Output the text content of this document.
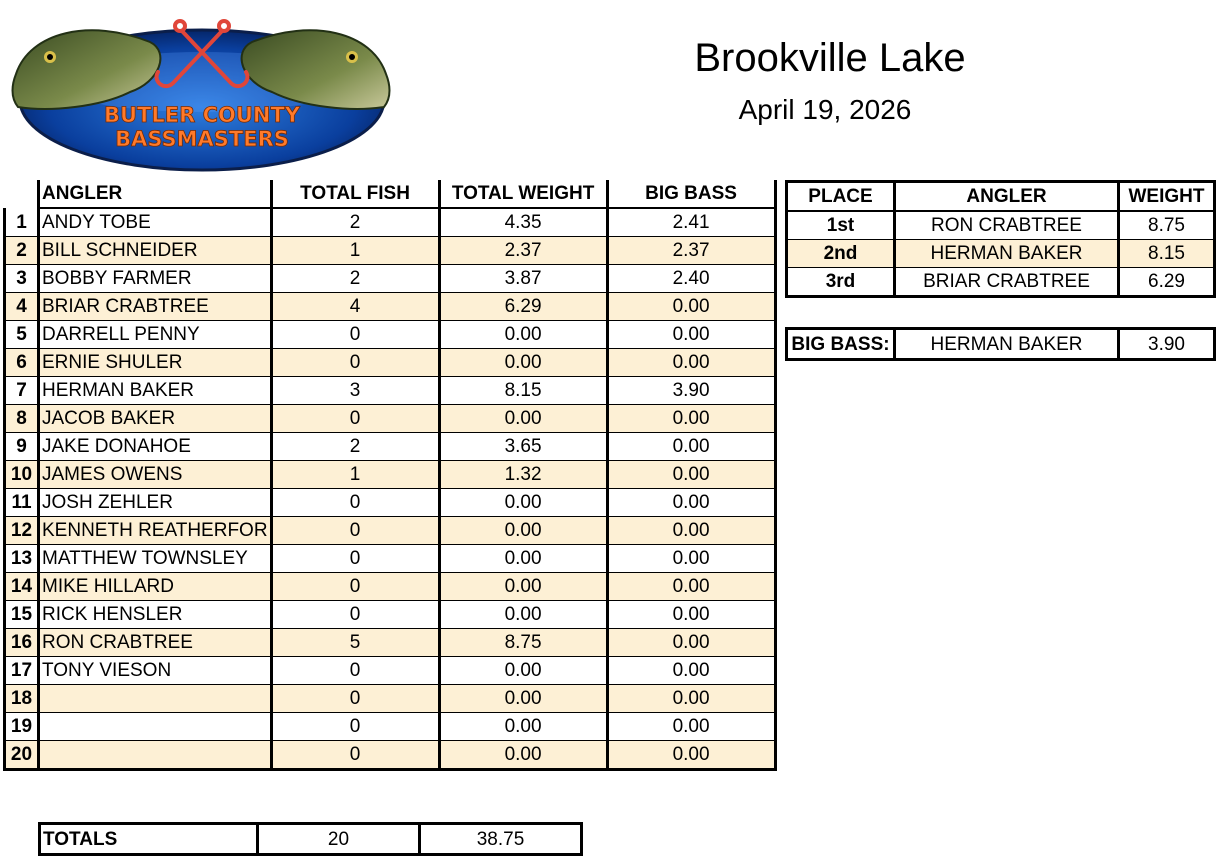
BUTLER COUNTY
BASSMASTERS
Brookville Lake
April 19, 2026
	ANGLER	TOTAL FISH	TOTAL WEIGHT	BIG BASS
1	ANDY TOBE	2	4.35	2.41
2	BILL SCHNEIDER	1	2.37	2.37
3	BOBBY FARMER	2	3.87	2.40
4	BRIAR CRABTREE	4	6.29	0.00
5	DARRELL PENNY	0	0.00	0.00
6	ERNIE SHULER	0	0.00	0.00
7	HERMAN BAKER	3	8.15	3.90
8	JACOB BAKER	0	0.00	0.00
9	JAKE DONAHOE	2	3.65	0.00
10	JAMES OWENS	1	1.32	0.00
11	JOSH ZEHLER	0	0.00	0.00
12	KENNETH REATHERFOR	0	0.00	0.00
13	MATTHEW TOWNSLEY	0	0.00	0.00
14	MIKE HILLARD	0	0.00	0.00
15	RICK HENSLER	0	0.00	0.00
16	RON CRABTREE	5	8.75	0.00
17	TONY VIESON	0	0.00	0.00
18		0	0.00	0.00
19		0	0.00	0.00
20		0	0.00	0.00
TOTALS	20	38.75
PLACE	ANGLER	WEIGHT
1st	RON CRABTREE	8.75
2nd	HERMAN BAKER	8.15
3rd	BRIAR CRABTREE	6.29
BIG BASS:	HERMAN BAKER	3.90
